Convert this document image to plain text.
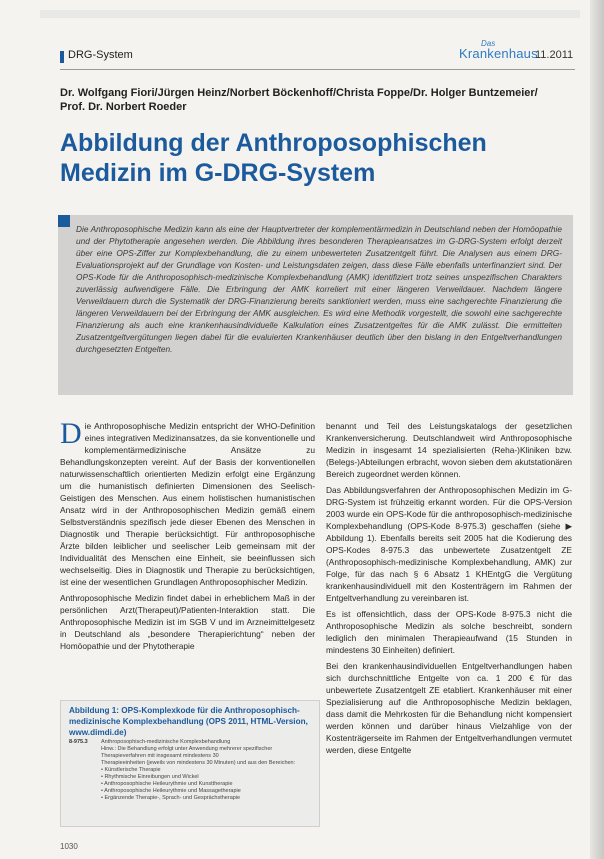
DRG-System
Das
Krankenhaus
11.2011
Dr. Wolfgang Fiori/Jürgen Heinz/Norbert Böckenhoff/Christa Foppe/Dr. Holger Buntzemeier/
Prof. Dr. Norbert Roeder
Abbildung der Anthroposophischen
Medizin im G-DRG-System
Die Anthroposophische Medizin kann als eine der Hauptvertreter der komplementärmedizin in Deutschland neben der Homöopathie und der Phytotherapie angesehen werden. Die Abbildung ihres besonderen Therapieansatzes im G-DRG-System erfolgt derzeit über eine OPS-Ziffer zur Komplexbehandlung, die zu einem unbewerteten Zusatzentgelt führt. Die Analysen aus einem DRG-Evaluationsprojekt auf der Grundlage von Kosten- und Leistungsdaten zeigen, dass diese Fälle ebenfalls unterfinanziert sind. Der OPS-Kode für die Anthroposophisch-medizinische Komplexbehandlung (AMK) identifiziert trotz seines unspezifischen Charakters zuverlässig aufwendigere Fälle. Die Erbringung der AMK korreliert mit einer längeren Verweildauer. Nachdem längere Verweildauern durch die Systematik der DRG-Finanzierung bereits sanktioniert werden, muss eine sachgerechte Finanzierung die längeren Verweildauern bei der Erbringung der AMK ausgleichen. Es wird eine Methodik vorgestellt, die sowohl eine sachgerechte Finanzierung als auch eine krankenhausindividuelle Kalkulation eines Zusatzentgeltes für die AMK zulässt. Die ermittelten Zusatzentgeltvergütungen liegen dabei für die evaluierten Krankenhäuser deutlich über den bislang in den Entgeltverhandlungen durchgesetzten Entgelten.

Die Anthroposophische Medizin entspricht der WHO-Definition eines integrativen Medizinansatzes, da sie konventionelle und komplementärmedizinische Ansätze zu Behandlungskonzepten vereint. Auf der Basis der konventionellen naturwissenschaftlich orientierten Medizin erfolgt eine Ergänzung um die humanistisch definierten Dimensionen des Seelisch-Geistigen des Menschen. Aus einem holistischen humanistischen Ansatz wird in der Anthroposophischen Medizin gemäß einem Selbstverständnis spezifisch jede dieser Ebenen des Menschen in Diagnostik und Therapie berücksichtigt. Für anthroposophische Ärzte bilden leiblicher und seelischer Leib gemeinsam mit der Individualität des Menschen eine Einheit, sie beeinflussen sich wechselseitig. Dies in Diagnostik und Therapie zu berücksichtigen, ist eine der wesentlichen Grundlagen Anthroposophischer Medizin.

Anthroposophische Medizin findet dabei in erheblichem Maß in der persönlichen Arzt(Therapeut)/Patienten-Interaktion statt. Die Anthroposophische Medizin ist im SGB V und im Arzneimittelgesetz in Deutschland als „besondere Therapierichtung“ neben der Homöopathie und der Phytotherapie

benannt und Teil des Leistungskatalogs der gesetzlichen Krankenversicherung. Deutschlandweit wird Anthroposophische Medizin in insgesamt 14 spezialisierten (Reha-)Kliniken bzw. (Belegs-)Abteilungen erbracht, wovon sieben dem akutstationären Bereich zugeordnet werden können.

Das Abbildungsverfahren der Anthroposophischen Medizin im G-DRG-System ist frühzeitig erkannt worden. Für die OPS-Version 2003 wurde ein OPS-Kode für die anthroposophisch-medizinische Komplexbehandlung (OPS-Kode 8-975.3) geschaffen (siehe ▶ Abbildung 1). Ebenfalls bereits seit 2005 hat die Kodierung des OPS-Kodes 8-975.3 das unbewertete Zusatzentgelt ZE (Anthroposophisch-medizinische Komplexbehandlung, AMK) zur Folge, für das nach § 6 Absatz 1 KHEntgG die Vergütung krankenhausindividuell mit den Kostenträgern im Rahmen der Entgeltverhandlung zu vereinbaren ist.

Es ist offensichtlich, dass der OPS-Kode 8-975.3 nicht die Anthroposophische Medizin als solche beschreibt, sondern lediglich den minimalen Therapieaufwand (15 Stunden in mindestens 30 Einheiten) definiert.

Bei den krankenhausindividuellen Entgeltverhandlungen haben sich durchschnittliche Entgelte von ca. 1 200 € für das unbewertete Zusatzentgelt ZE etabliert. Krankenhäuser mit einer Spezialisierung auf die Anthroposophische Medizin beklagen, dass damit die Mehrkosten für die Behandlung nicht kompensiert werden können und darüber hinaus Vielzahlige von der Kostenträgerseite im Rahmen der Entgeltverhandlungen vermutet werden, diese Entgelte

Abbildung 1: OPS-Komplexkode für die Anthroposophisch-medizinische Komplexbehandlung (OPS 2011, HTML-Version, www.dimdi.de)
8-975.3	Anthroposophisch-medizinische Komplexbehandlung
Hinw.: Die Behandlung erfolgt unter Anwendung mehrerer spezifischer Therapieverfahren mit insgesamt mindestens 30
Therapieeinheiten (jeweils von mindestens 30 Minuten) und aus den Bereichen:
• Künstlerische Therapie
• Rhythmische Einreibungen und Wickel
• Anthroposophische Heileurythmie und Kunsttherapie
• Anthroposophische Heileurythmie und Massagetherapie
• Ergänzende Therapie-, Sprach- und Gesprächstherapie
1030
